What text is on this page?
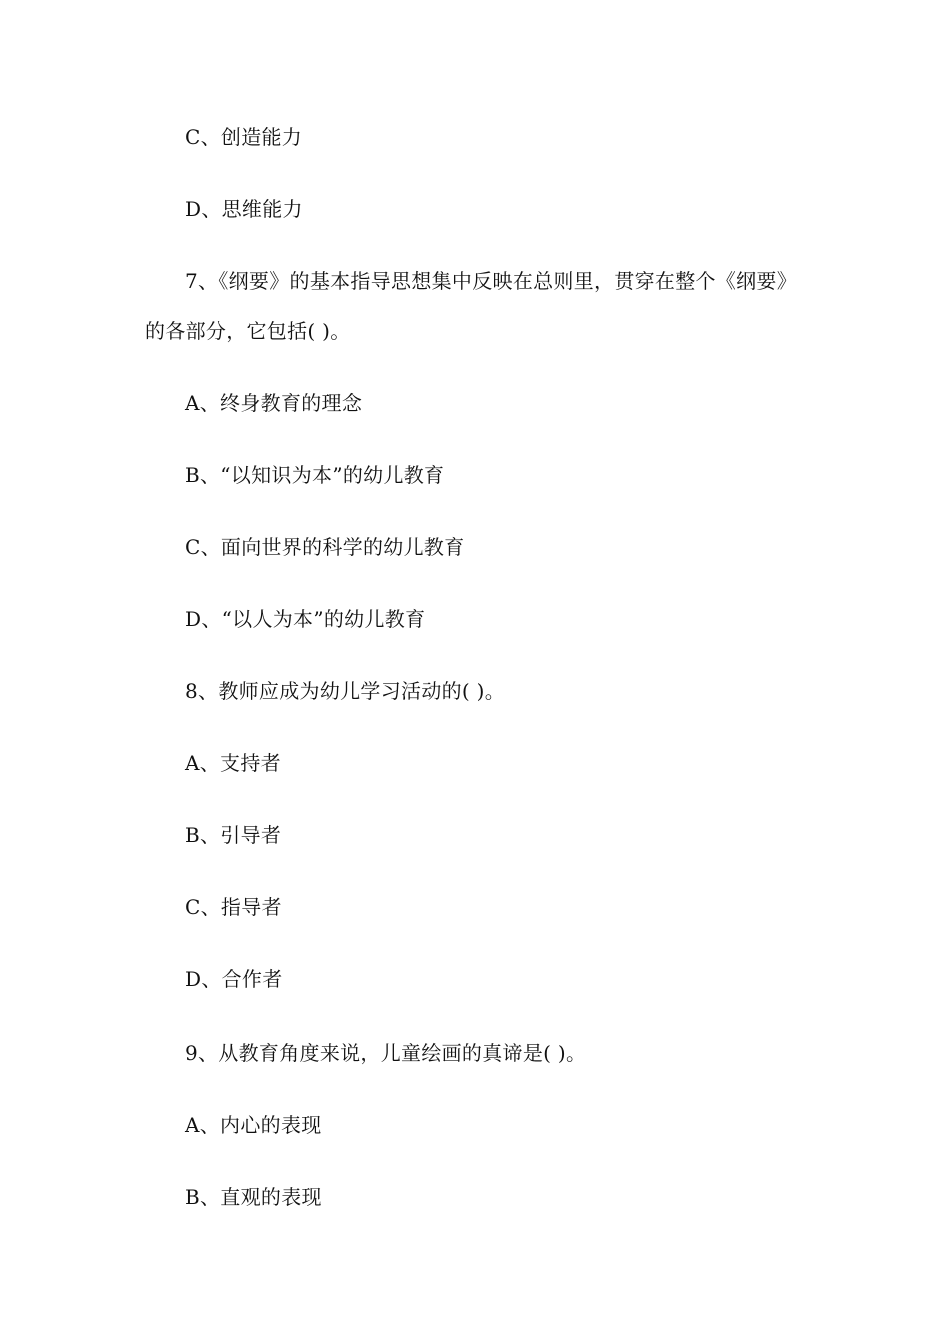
C、创造能力
D、思维能力
7、《纲要》的基本指导思想集中反映在总则里，贯穿在整个《纲要》
的各部分，它包括( )。
A、终身教育的理念
B、“以知识为本”的幼儿教育
C、面向世界的科学的幼儿教育
D、“以人为本”的幼儿教育
8、教师应成为幼儿学习活动的( )。
A、支持者
B、引导者
C、指导者
D、合作者
9、从教育角度来说，儿童绘画的真谛是( )。
A、内心的表现
B、直观的表现
